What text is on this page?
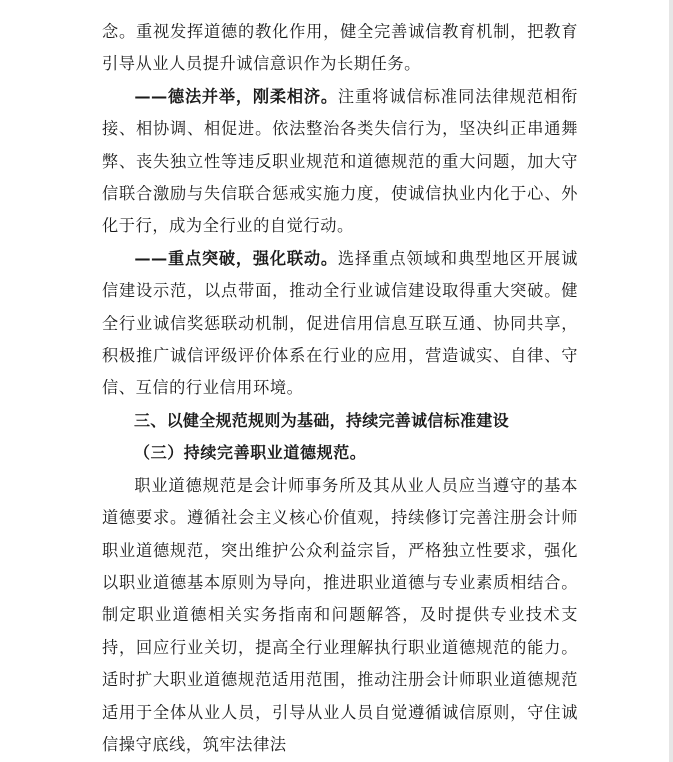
念。重视发挥道德的教化作用，健全完善诚信教育机制，把教育引导从业人员提升诚信意识作为长期任务。

——德法并举，刚柔相济。注重将诚信标准同法律规范相衔接、相协调、相促进。依法整治各类失信行为，坚决纠正串通舞弊、丧失独立性等违反职业规范和道德规范的重大问题，加大守信联合激励与失信联合惩戒实施力度，使诚信执业内化于心、外化于行，成为全行业的自觉行动。

——重点突破，强化联动。选择重点领域和典型地区开展诚信建设示范，以点带面，推动全行业诚信建设取得重大突破。健全行业诚信奖惩联动机制，促进信用信息互联互通、协同共享，积极推广诚信评级评价体系在行业的应用，营造诚实、自律、守信、互信的行业信用环境。

三、以健全规范规则为基础，持续完善诚信标准建设

（三）持续完善职业道德规范。

职业道德规范是会计师事务所及其从业人员应当遵守的基本道德要求。遵循社会主义核心价值观，持续修订完善注册会计师职业道德规范，突出维护公众利益宗旨，严格独立性要求，强化以职业道德基本原则为导向，推进职业道德与专业素质相结合。制定职业道德相关实务指南和问题解答，及时提供专业技术支持，回应行业关切，提高全行业理解执行职业道德规范的能力。适时扩大职业道德规范适用范围，推动注册会计师职业道德规范适用于全体从业人员，引导从业人员自觉遵循诚信原则，守住诚信操守底线，筑牢法律法
